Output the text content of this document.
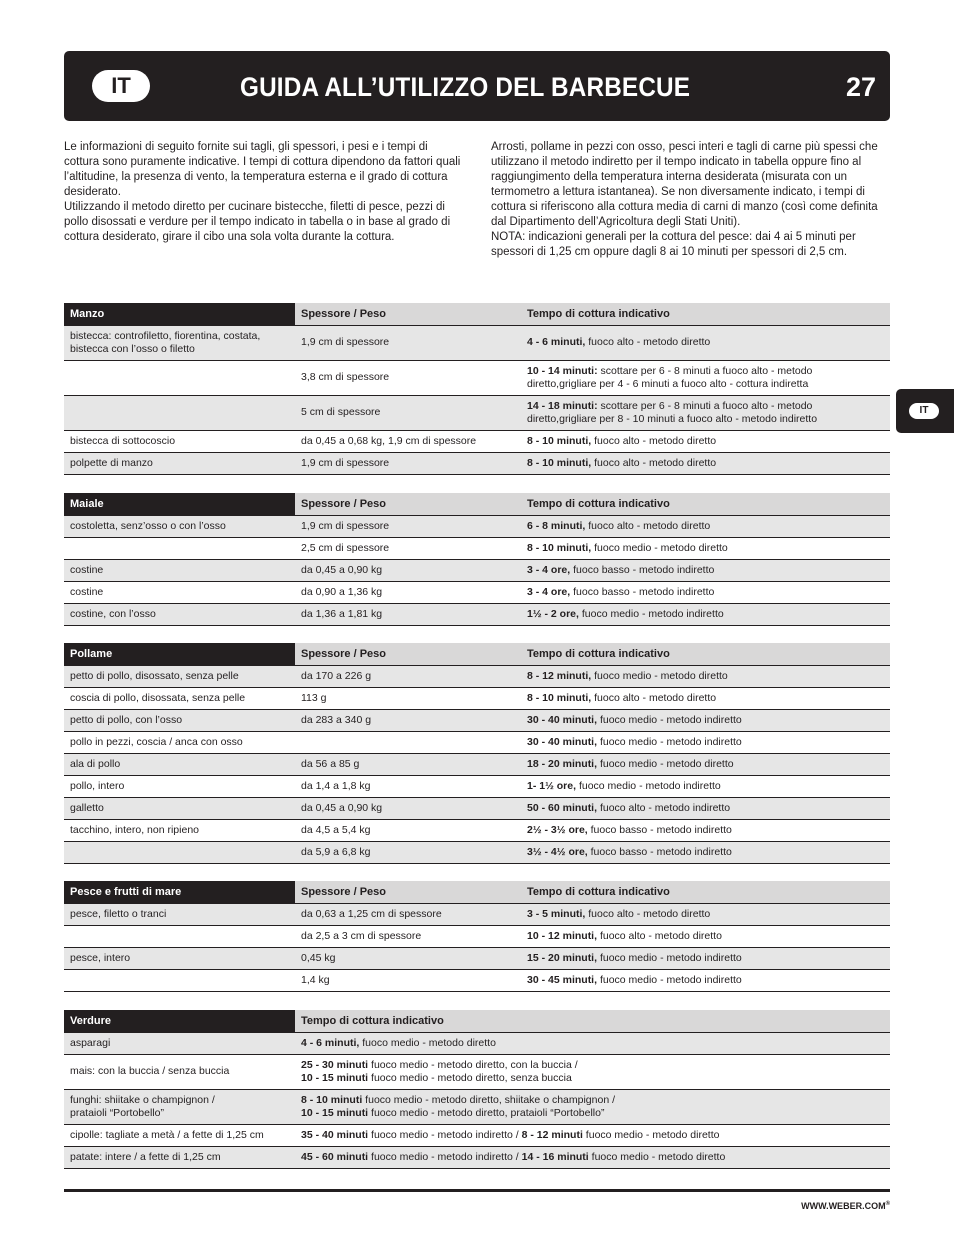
IT	GUIDA ALL’UTILIZZO DEL BARBECUE	27
IT

Le informazioni di seguito fornite sui tagli, gli spessori, i pesi e i tempi di cottura sono puramente indicative. I tempi di cottura dipendono da fattori quali l’altitudine, la presenza di vento, la temperatura esterna e il grado di cottura desiderato.

Utilizzando il metodo diretto per cucinare bistecche, filetti di pesce, pezzi di pollo disossati e verdure per il tempo indicato in tabella o in base al grado di cottura desiderato, girare il cibo una sola volta durante la cottura.

Arrosti, pollame in pezzi con osso, pesci interi e tagli di carne più spessi che utilizzano il metodo indiretto per il tempo indicato in tabella oppure fino al raggiungimento della temperatura interna desiderata (misurata con un termometro a lettura istantanea). Se non diversamente indicato, i tempi di cottura si riferiscono alla cottura media di carni di manzo (così come definita dal Dipartimento dell’Agricoltura degli Stati Uniti).

NOTA: indicazioni generali per la cottura del pesce: dai 4 ai 5 minuti per spessori di 1,25 cm oppure dagli 8 ai 10 minuti per spessori di 2,5 cm.

Manzo	Spessore / Peso	Tempo di cottura indicativo
bistecca: controfiletto, fiorentina, costata, bistecca con l’osso o filetto	1,9 cm di spessore	4 - 6 minuti, fuoco alto - metodo diretto
	3,8 cm di spessore	10 - 14 minuti: scottare per 6 - 8 minuti a fuoco alto - metodo diretto,grigliare per 4 - 6 minuti a fuoco alto - cottura indiretta
	5 cm di spessore	14 - 18 minuti: scottare per 6 - 8 minuti a fuoco alto - metodo diretto,grigliare per 8 - 10 minuti a fuoco alto - metodo indiretto
bistecca di sottocoscio	da 0,45 a 0,68 kg, 1,9 cm di spessore	8 - 10 minuti, fuoco alto - metodo diretto
polpette di manzo	1,9 cm di spessore	8 - 10 minuti, fuoco alto - metodo diretto
Maiale	Spessore / Peso	Tempo di cottura indicativo
costoletta, senz’osso o con l’osso	1,9 cm di spessore	6 - 8 minuti, fuoco alto - metodo diretto
	2,5 cm di spessore	8 - 10 minuti, fuoco medio - metodo diretto
costine	da 0,45 a 0,90 kg	3 - 4 ore, fuoco basso - metodo indiretto
costine	da 0,90 a 1,36 kg	3 - 4 ore, fuoco basso - metodo indiretto
costine, con l’osso	da 1,36 a 1,81 kg	1½ - 2 ore, fuoco medio - metodo indiretto
Pollame	Spessore / Peso	Tempo di cottura indicativo
petto di pollo, disossato, senza pelle	da 170 a 226 g	8 - 12 minuti, fuoco medio - metodo diretto
coscia di pollo, disossata, senza pelle	113 g	8 - 10 minuti, fuoco alto - metodo diretto
petto di pollo, con l’osso	da 283 a 340 g	30 - 40 minuti, fuoco medio - metodo indiretto
pollo in pezzi, coscia / anca con osso		30 - 40 minuti, fuoco medio - metodo indiretto
ala di pollo	da 56 a 85 g	18 - 20 minuti, fuoco medio - metodo diretto
pollo, intero	da 1,4 a 1,8 kg	1- 1½ ore, fuoco medio - metodo indiretto
galletto	da 0,45 a 0,90 kg	50 - 60 minuti, fuoco alto - metodo indiretto
tacchino, intero, non ripieno	da 4,5 a 5,4 kg	2½ - 3½ ore, fuoco basso - metodo indiretto
	da 5,9 a 6,8 kg	3½ - 4½ ore, fuoco basso - metodo indiretto
Pesce e frutti di mare	Spessore / Peso	Tempo di cottura indicativo
pesce, filetto o tranci	da 0,63 a 1,25 cm di spessore	3 - 5 minuti, fuoco alto - metodo diretto
	da 2,5 a 3 cm di spessore	10 - 12 minuti, fuoco alto - metodo diretto
pesce, intero	0,45 kg	15 - 20 minuti, fuoco medio - metodo indiretto
	1,4 kg	30 - 45 minuti, fuoco medio - metodo indiretto
Verdure	Tempo di cottura indicativo
asparagi	4 - 6 minuti, fuoco medio - metodo diretto
mais: con la buccia / senza buccia	25 - 30 minuti fuoco medio - metodo diretto, con la buccia /
10 - 15 minuti fuoco medio - metodo diretto, senza buccia

funghi: shiitake o champignon / prataioli “Portobello”	8 - 10 minuti fuoco medio - metodo diretto, shiitake o champignon /
10 - 15 minuti fuoco medio - metodo diretto, prataioli “Portobello”

cipolle: tagliate a metà / a fette di 1,25 cm	35 - 40 minuti fuoco medio - metodo indiretto / 8 - 12 minuti fuoco medio - metodo diretto
patate: intere / a fette di 1,25 cm	45 - 60 minuti fuoco medio - metodo indiretto / 14 - 16 minuti fuoco medio - metodo diretto
WWW.WEBER.COM®
